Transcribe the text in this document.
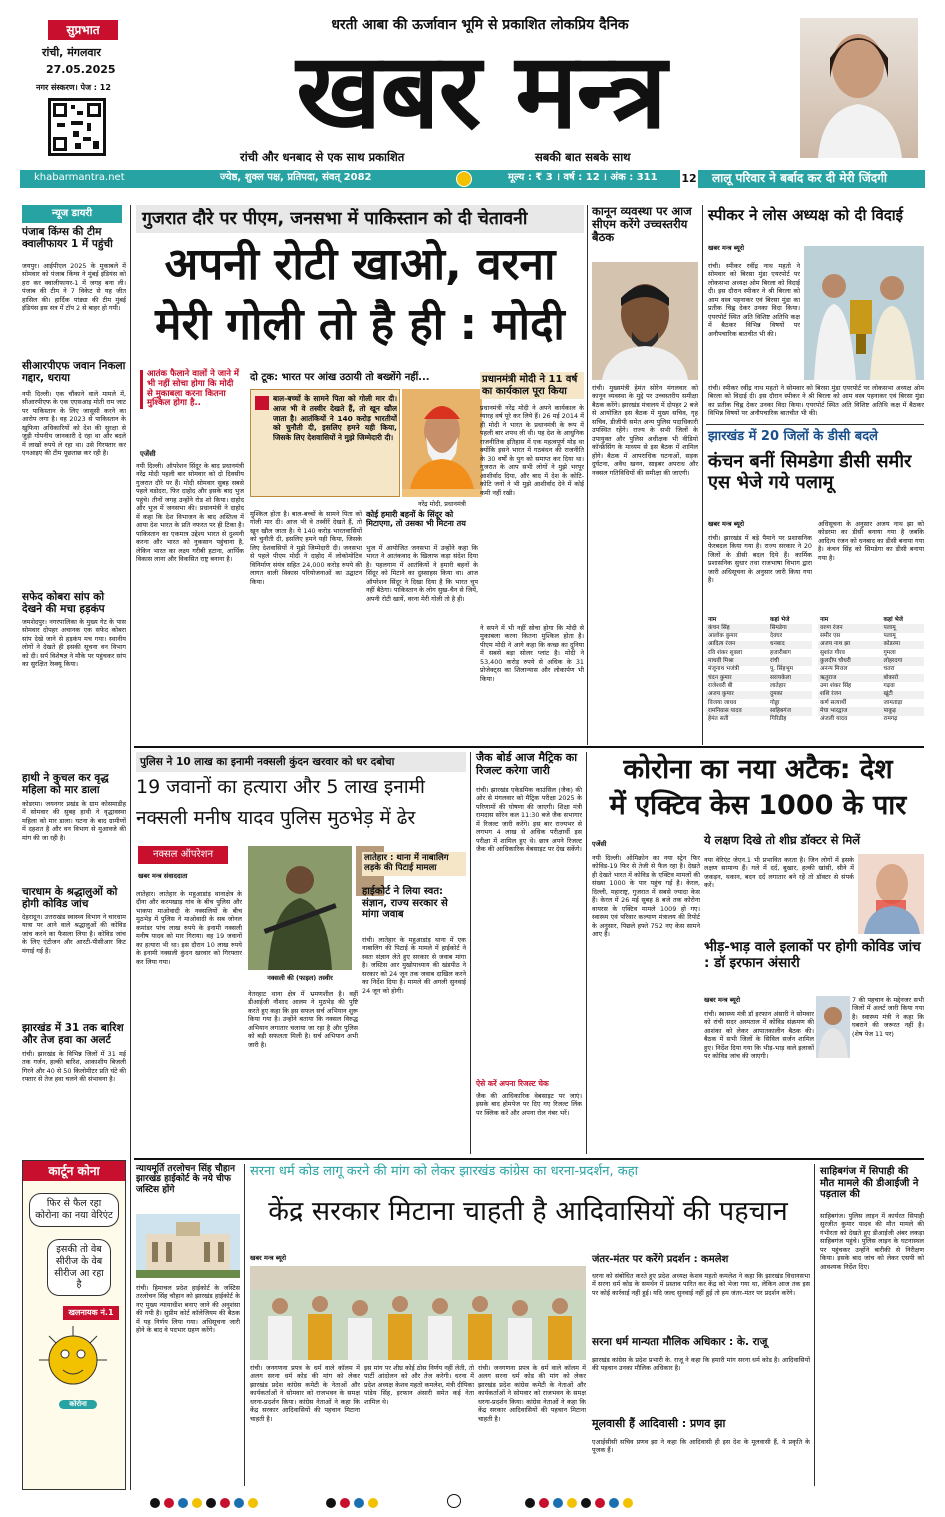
सुप्रभात
रांची, मंगलवार
27.05.2025
नगर संस्करण। पेज : 12
धरती आबा की ऊर्जावान भूमि से प्रकाशित लोकप्रिय दैनिक
खबर मन्त्र
रांची और धनबाद से एक साथ प्रकाशित	सबकी बात सबके साथ
khabarmantra.net	ज्येष्ठ, शुक्ल पक्ष, प्रतिपदा, संवत् 2082	मूल्य : ₹ 3 । वर्ष : 12 । अंक : 311 12 लालू परिवार ने बर्बाद कर दी मेरी जिंदगी
न्यूज डायरी
पंजाब किंग्स की टीम क्वालीफायर 1 में पहुंची
जयपुर। आईपीएल 2025 के मुकाबले में सोमवार को पंजाब किंग्स ने मुंबई इंडियंस को हरा कर क्वालीफायर-1 में जगह बना ली। पंजाब की टीम ने 7 विकेट से यह जीत हासिल की। हार्दिक पांड्या की टीम मुंबई इंडियंस इस सत्र में टॉप 2 से बाहर हो गयी।
सीआरपीएफ जवान निकला गद्दार, धराया
नयी दिल्ली। एक चौंकाने वाले मामले में, सीआरपीएफ के एक एएसआइ मोती राम जाट पर पाकिस्तान के लिए जासूसी करने का आरोप लगा है। वह 2023 से पाकिस्तान के खुफिया अधिकारियों को देश की सुरक्षा से जुड़ी गोपनीय जानकारी दे रहा था और बदले में लाखों रुपये ले रहा था। उसे गिरफ्तार कर एनआइए की टीम पूछताछ कर रही है।
सफेद कोबरा सांप को देखने की मचा हड़कंप
जमशेदपुर। नगरपालिका के मुख्य गेट के पास सोमवार दोपहर अचानक एक सफेद कोबरा सांप देखे जाने से हड़कंप मच गया। स्थानीय लोगों ने देखते ही इसकी सूचना वन विभाग को दी। सर्प विशेषज्ञ ने मौके पर पहुंचकर सांप का सुरक्षित रेस्क्यू किया।
हाथी ने कुचल कर वृद्ध महिला को मार डाला
कोडरमा। जयनगर प्रखंड के ग्राम कोसमाडीह में सोमवार की सुबह हाथी ने वृद्धावस्था महिला को मार डाला। घटना के बाद ग्रामीणों में दहशत है और वन विभाग से मुआवजे की मांग की जा रही है।
चारधाम के श्रद्धालुओं को होगी कोविड जांच
देहरादून। उत्तराखंड स्वास्थ्य विभाग ने चारधाम यात्रा पर आने वाले श्रद्धालुओं की कोविड जांच करने का फैसला लिया है। कोविड जांच के लिए एंटीजन और आरटी-पीसीआर किट मंगाई गई हैं।
झारखंड में 31 तक बारिश और तेज हवा का अलर्ट
रांची। झारखंड के विभिन्न जिलों में 31 मई तक गर्जन, हल्की बारिश, आकाशीय बिजली गिरने और 40 से 50 किलोमीटर प्रति घंटे की रफ्तार से तेज हवा चलने की संभावना है।
कार्टून कोना
फिर से फैल रहा कोरोना का नया वेरिएंट
इसकी तो वेब सीरीज के वेब सीरीज आ रहा है
खलनायक नं.1
कोरोना
गुजरात दौरे पर पीएम, जनसभा में पाकिस्तान को दी चेतावनी
अपनी रोटी खाओ, वरना
मेरी गोली तो है ही : मोदी
आतंक फैलाने वालों ने जाने में भी नहीं सोचा होगा कि मोदी से मुकाबला करना कितना मुश्किल होगा है..
एजेंसी
नयी दिल्ली। ऑपरेशन सिंदूर के बाद प्रधानमंत्री नरेंद्र मोदी पहली बार सोमवार को दो दिवसीय गुजरात दौरे पर हैं। मोदी सोमवार सुबह सबसे पहले वडोदरा, फिर दाहोद और इसके बाद भुज पहुंचे। तीनों जगह उन्होंने रोड शो किया। दाहोद और भुज में जनसभा की। प्रधानमंत्री ने दाहोद में कहा कि देश विभाजन के बाद अस्तित्व में आया देश भारत के प्रति नफरत पर ही टिका है। पाकिस्तान का एकमात्र उद्देश्य भारत से दुश्मनी करना और भारत को नुकसान पहुंचाना है, लेकिन भारत का लक्ष्य गरीबी हटाना, आर्थिक विकास लाना और विकसित राष्ट्र बनाना है।
दो टूक: भारत पर आंख उठायी तो बख्शेंगे नहीं...
बाल-बच्चों के सामने पिता को गोली मार दी। आज भी वे तस्वीर देखते हैं, तो खून खौल जाता है। आतंकियों ने 140 करोड़ भारतीयों को चुनौती दी, इसलिए हमने यही किया, जिसके लिए देशवासियों ने मुझे जिम्मेदारी दी।
नरेंद्र मोदी, प्रधानमंत्री
मुश्किल होता है। बाल-बच्चों के सामने पिता को गोली मार दी। आज भी वे तस्वीरें देखते हैं, तो खून खौल जाता है। ये 140 करोड़ भारतवासियों को चुनौती दी, इसलिए हमने यही किया, जिसके लिए देशवासियों ने मुझे जिम्मेदारी दी। जनसभा से पहले पीएम मोदी ने दाहोद में लोकोमोटिव विनिर्माण संयंत्र सहित 24,000 करोड़ रुपये की लागत वाली विकास परियोजनाओं का उद्घाटन किया।
कोई हमारी बहनों के सिंदूर को मिटाएगा, तो उसका भी मिटना तय
भुज में आयोजित जनसभा में उन्होंने कहा कि भारत ने आतंकवाद के खिलाफ कड़ा संदेश दिया है। पहलगाम में आतंकियों ने हमारी बहनों के सिंदूर को मिटाने का दुस्साहस किया था। आज ऑपरेशन सिंदूर ने दिखा दिया है कि भारत चुप नहीं बैठेगा। पाकिस्तान के लोग सुख-चैन से जियें, अपनी रोटी खायें, वरना मेरी गोली तो है ही।
प्रधानमंत्री मोदी ने 11 वर्ष का कार्यकाल पूरा किया
प्रधानमंत्री नरेंद्र मोदी ने अपने कार्यकाल के ग्यारह वर्ष पूरे कर लिये हैं। 26 मई 2014 में ही मोदी ने भारत के प्रधानमंत्री के रूप में पहली बार शपथ ली थी। यह देश के आधुनिक राजनीतिक इतिहास में एक महत्वपूर्ण मोड़ था क्योंकि इसने भारत में गठबंधन की राजनीति के 30 वर्षों के युग को समाप्त कर दिया था। गुजरात के आप सभी लोगों ने मुझे भरपूर आशीर्वाद दिया, और बाद में देश के कोटि-कोटि जनों ने भी मुझे आशीर्वाद देने में कोई कमी नहीं रखी।
ने सपने में भी नहीं सोचा होगा कि मोदी से मुकाबला करना कितना मुश्किल होता है। पीएम मोदी ने आगे कहा कि कच्छ का दुनिया में सबसे बड़ा सोलर प्लांट है। मोदी ने 53,400 करोड़ रुपये से अधिक के 31 प्रोजेक्ट्स का शिलान्यास और लोकार्पण भी किया।
कानून व्यवस्था पर आज सीएम करेंगे उच्चस्तरीय बैठक
रांची। मुख्यमंत्री हेमंत सोरेन मंगलवार को कानून व्यवस्था के मुद्दे पर उच्चस्तरीय समीक्षा बैठक करेंगे। झारखंड मंत्रालय में दोपहर 2 बजे से आयोजित इस बैठक में मुख्य सचिव, गृह सचिव, डीजीपी समेत अन्य पुलिस पदाधिकारी उपस्थित रहेंगे। राज्य के सभी जिलों के उपायुक्त और पुलिस अधीक्षक भी वीडियो कॉन्फ्रेंसिंग के माध्यम से इस बैठक में शामिल होंगे। बैठक में आपराधिक घटनाओं, सड़क दुर्घटना, अवैध खनन, साइबर अपराध और नक्सल गतिविधियों की समीक्षा की जाएगी।
स्पीकर ने लोस अध्यक्ष को दी विदाई
खबर मन्त्र ब्यूरो
रांची। स्पीकर रवींद्र नाथ महतो ने सोमवार को बिरसा मुंडा एयरपोर्ट पर लोकसभा अध्यक्ष ओम बिरला को विदाई दी। इस दौरान स्पीकर ने श्री बिरला को आम वस्त्र पहनाकर एवं बिरसा मुंडा का प्रतीक चिह्न देकर उनका विदा किया। एयरपोर्ट स्थित अति विशिष्ट अतिथि कक्ष में बैठकर विभिन्न विषयों पर अनौपचारिक बातचीत भी की।
रांची। स्पीकर रवींद्र नाथ महतो ने सोमवार को बिरसा मुंडा एयरपोर्ट पर लोकसभा अध्यक्ष ओम बिरला को विदाई दी। इस दौरान स्पीकर ने श्री बिरला को आम वस्त्र पहनाकर एवं बिरसा मुंडा का प्रतीक चिह्न देकर उनका विदा किया। एयरपोर्ट स्थित अति विशिष्ट अतिथि कक्ष में बैठकर विभिन्न विषयों पर अनौपचारिक बातचीत भी की।
झारखंड में 20 जिलों के डीसी बदले
कंचन बनीं सिमडेगा डीसी समीर एस भेजे गये पलामू
खबर मन्त्र ब्यूरो
रांची। झारखंड में बड़े पैमाने पर प्रशासनिक फेरबदल किया गया है। राज्य सरकार ने 20 जिलों के डीसी बदल दिये हैं। कार्मिक प्रशासनिक सुधार तथा राजभाषा विभाग द्वारा जारी अधिसूचना के अनुसार जारी किया गया है।
अधिसूचना के अनुसार अजय नाथ झा को कोडरमा का डीसी बनाया गया है जबकि आदित्य रंजन को धनबाद का डीसी बनाया गया है। कंचन सिंह को सिमडेगा का डीसी बनाया गया है।
नाम	कहां भेजे
कंचन सिंह	सिमडेगा
आलोक कुमार	देवघर
आदित्य रंजन	धनबाद
रवि शंकर शुक्ला	हजारीबाग
माधवी मिश्रा	रांची
मंजूनाथ भजंत्री	पू. सिंहभूम
चंदन कुमार	सरायकेला
राजेश्वरी बी	लातेहार
अजय कुमार	दुमका
विजया जाधव	गोड्डा
रामनिवास यादव	साहिबगंज
हेमंत सती	गिरिडीह
नाम	कहां भेजे
वरुण रंजन	पलामू
समीर एस	पलामू
अजय नाथ झा	कोडरमा
सुशांत गौरव	गुमला
कुलदीप चौधरी	लोहरदगा
अनन्य मित्तल	चतरा
ऋतुराज	बोकारो
उमा शंकर सिंह	गढ़वा
शशि रंजन	खूंटी
कर्ण सत्यार्थी	जामताड़ा
मेघा भारद्वाज	पाकुड़
अंजली यादव	रामगढ़
पुलिस ने 10 लाख का इनामी नक्सली कुंदन खरवार को धर दबोचा
19 जवानों का हत्यारा और 5 लाख इनामी
नक्सली मनीष यादव पुलिस मुठभेड़ में ढेर
नक्सल ऑपरेशन
खबर मन्त्र संवाददाता
लातेहार। लातेहार के महुआडांड़ थानाक्षेत्र के दौना और करमखाड़ गांव के बीच पुलिस और भाकपा माओवादी के नक्सलियों के बीच मुठभेड़ में पुलिस ने माओवादी के सब जोनल कमांडर पांच लाख रुपये के इनामी नक्सली मनीष यादव को मार गिराया। वह 19 जवानों का हत्यारा भी था। इस दौरान 10 लाख रुपये के इनामी नक्सली कुंदन खरवार को गिरफ्तार कर लिया गया।
नक्सली की (फाइल) तस्वीर
नेतरहाट थाना क्षेत्र में भ्रमणशील है। वहीं डीआईजी नौशाद आलम ने मुठभेड़ की पुष्टि करते हुए कहा कि इस सफल सर्च अभियान शुरू किया गया है। उन्होंने बताया कि नक्सल विरुद्ध अभियान लगातार चलाया जा रहा है और पुलिस को बड़ी सफलता मिली है। सर्च अभियान अभी जारी है।
लातेहार : थाना में नाबालिग लड़के की पिटाई मामला
हाईकोर्ट ने लिया स्वत: संज्ञान, राज्य सरकार से मांगा जवाब
रांची। लातेहार के महुआडांड़ थाना में एक नाबालिग की पिटाई के मामले में हाईकोर्ट ने स्वतः संज्ञान लेते हुए सरकार से जवाब मांगा है। जस्टिस आर मुखोपाध्याय की खंडपीठ ने सरकार को 24 जून तक जवाब दाखिल करने का निर्देश दिया है। मामले की अगली सुनवाई 24 जून को होगी।
जैक बोर्ड आज मैट्रिक का रिजल्ट करेगा जारी
रांची। झारखंड एकेडमिक काउंसिल (जैक) की ओर से मंगलवार को मैट्रिक परीक्षा 2025 के परिणामों की घोषणा की जाएगी। शिक्षा मंत्री रामदास सोरेन कल 11:30 बजे जैक सभागार में रिजल्ट जारी करेंगे। इस बार राज्यभर से लगभग 4 लाख से अधिक परीक्षार्थी इस परीक्षा में शामिल हुए थे। छात्र अपने रिजल्ट जैक की आधिकारिक वेबसाइट पर देख सकेंगे।
ऐसे करें अपना रिजल्ट चेक
जैक की आधिकारिक वेबसाइट पर जाएं। इसके बाद होमपेज पर दिए गए रिजल्ट लिंक पर क्लिक करें और अपना रोल नंबर भरें।
कोरोना का नया अटैक: देश
में एक्टिव केस 1000 के पार
एजेंसी
नयी दिल्ली। ओमिक्रोन का नया स्ट्रेन फिर कोविड-19 फिर से तेजी से फैल रहा है। देखते ही देखते भारत में कोविड के एक्टिव मामलों की संख्या 1000 के पार पहुंच गई है। केरल, दिल्ली, महाराष्ट्र, गुजरात में सबसे ज्यादा केस हैं। केरल में 26 मई सुबह 8 बजे तक कोरोना वायरस के एक्टिव मामले 1009 हो गए। स्वास्थ्य एवं परिवार कल्याण मंत्रालय की रिपोर्ट के अनुसार, पिछले हफ्ते 752 नए केस सामने आए हैं।
ये लक्षण दिखे तो शीघ्र डॉक्टर से मिलें
नया वेरिएंट जेएन.1 भी प्रभावित करता है। जिन लोगों में इसके लक्षण सामान्य हैं। गले में दर्द, बुखार, हल्की खांसी, सीने में जकड़न, थकान, बदन दर्द लगातार बने रहें तो डॉक्टर से संपर्क करें।
भीड़-भाड़ वाले इलाकों पर होगी कोविड जांच : डॉ इरफान अंसारी
खबर मन्त्र ब्यूरो
रांची। स्वास्थ्य मंत्री डॉ इरफान अंसारी ने सोमवार को रांची सदर अस्पताल में कोविड संक्रमण की आशंका को लेकर आपातकालीन बैठक की। बैठक में सभी जिलों के सिविल सर्जन शामिल हुए। निर्देश दिया गया कि भीड़-भाड़ वाले इलाकों पर कोविड जांच की जाएगी।
7 की पहचान के मद्देनजर सभी जिलों में अलर्ट जारी किया गया है। स्वास्थ्य मंत्री ने कहा कि घबराने की जरूरत नहीं है। (शेष पेज 11 पर)
न्यायमूर्ति तरलोचन सिंह चौहान झारखंड हाईकोर्ट के नये चीफ जस्टिस होंगे
रांची। हिमाचल प्रदेश हाईकोर्ट के जस्टिस तरलोचन सिंह चौहान को झारखंड हाईकोर्ट के नए मुख्य न्यायाधीश बनाए जाने की अनुशंसा की गयी है। सुप्रीम कोर्ट कॉलेजियम की बैठक में यह निर्णय लिया गया। अधिसूचना जारी होने के बाद वे पदभार ग्रहण करेंगे।
सरना धर्म कोड लागू करने की मांग को लेकर झारखंड कांग्रेस का धरना-प्रदर्शन, कहा
केंद्र सरकार मिटाना चाहती है आदिवासियों की पहचान
खबर मन्त्र ब्यूरो
रांची। जनगणना प्रपत्र के धर्म वाले कॉलम में अलग सरना धर्म कोड की मांग को लेकर झारखंड प्रदेश कांग्रेस कमेटी के नेताओं और कार्यकर्ताओं ने सोमवार को राजभवन के समक्ष धरना-प्रदर्शन किया। कांग्रेस नेताओं ने कहा कि केंद्र सरकार आदिवासियों की पहचान मिटाना चाहती है।
इस मांग पर शीघ्र कोई ठोस निर्णय नहीं लेती, तो पार्टी आंदोलन को और तेज करेगी। धरना में प्रदेश अध्यक्ष केशव महतो कमलेश, मंत्री दीपिका पांडेय सिंह, इरफान अंसारी समेत कई नेता शामिल थे।
रांची। जनगणना प्रपत्र के धर्म वाले कॉलम में अलग सरना धर्म कोड की मांग को लेकर झारखंड प्रदेश कांग्रेस कमेटी के नेताओं और कार्यकर्ताओं ने सोमवार को राजभवन के समक्ष धरना-प्रदर्शन किया। कांग्रेस नेताओं ने कहा कि केंद्र सरकार आदिवासियों की पहचान मिटाना चाहती है।
जंतर-मंतर पर करेंगे प्रदर्शन : कमलेश
धरना को संबोधित करते हुए प्रदेश अध्यक्ष केशव महतो कमलेश ने कहा कि झारखंड विधानसभा में सरना धर्म कोड के समर्थन में प्रस्ताव पारित कर केंद्र को भेजा गया था, लेकिन आज तक इस पर कोई कार्रवाई नहीं हुई। यदि जल्द सुनवाई नहीं हुई तो हम जंतर-मंतर पर प्रदर्शन करेंगे।
सरना धर्म मान्यता मौलिक अधिकार : के. राजू
झारखंड कांग्रेस के प्रदेश प्रभारी के. राजू ने कहा कि हमारी मांग सरना धर्म कोड है। आदिवासियों की पहचान उनका मौलिक अधिकार है।
मूलवासी हैं आदिवासी : प्रणव झा
एआईसीसी सचिव प्रणव झा ने कहा कि आदिवासी ही इस देश के मूलवासी हैं, ये प्रकृति के पूजक हैं।
साहिबगंज में सिपाही की मौत मामले की डीआईजी ने पड़ताल की
साहिबगंज। पुलिस लाइन में कार्यरत सिपाही सुरजीत कुमार यादव की मौत मामले की गंभीरता को देखते हुए डीआईजी अंबर लकड़ा साहिबगंज पहुंचे। पुलिस लाइन के घटनास्थल पर पहुंचकर उन्होंने बारीकी से निरीक्षण किया। इसके बाद जांच को लेकर एसपी को आवश्यक निर्देश दिए।
